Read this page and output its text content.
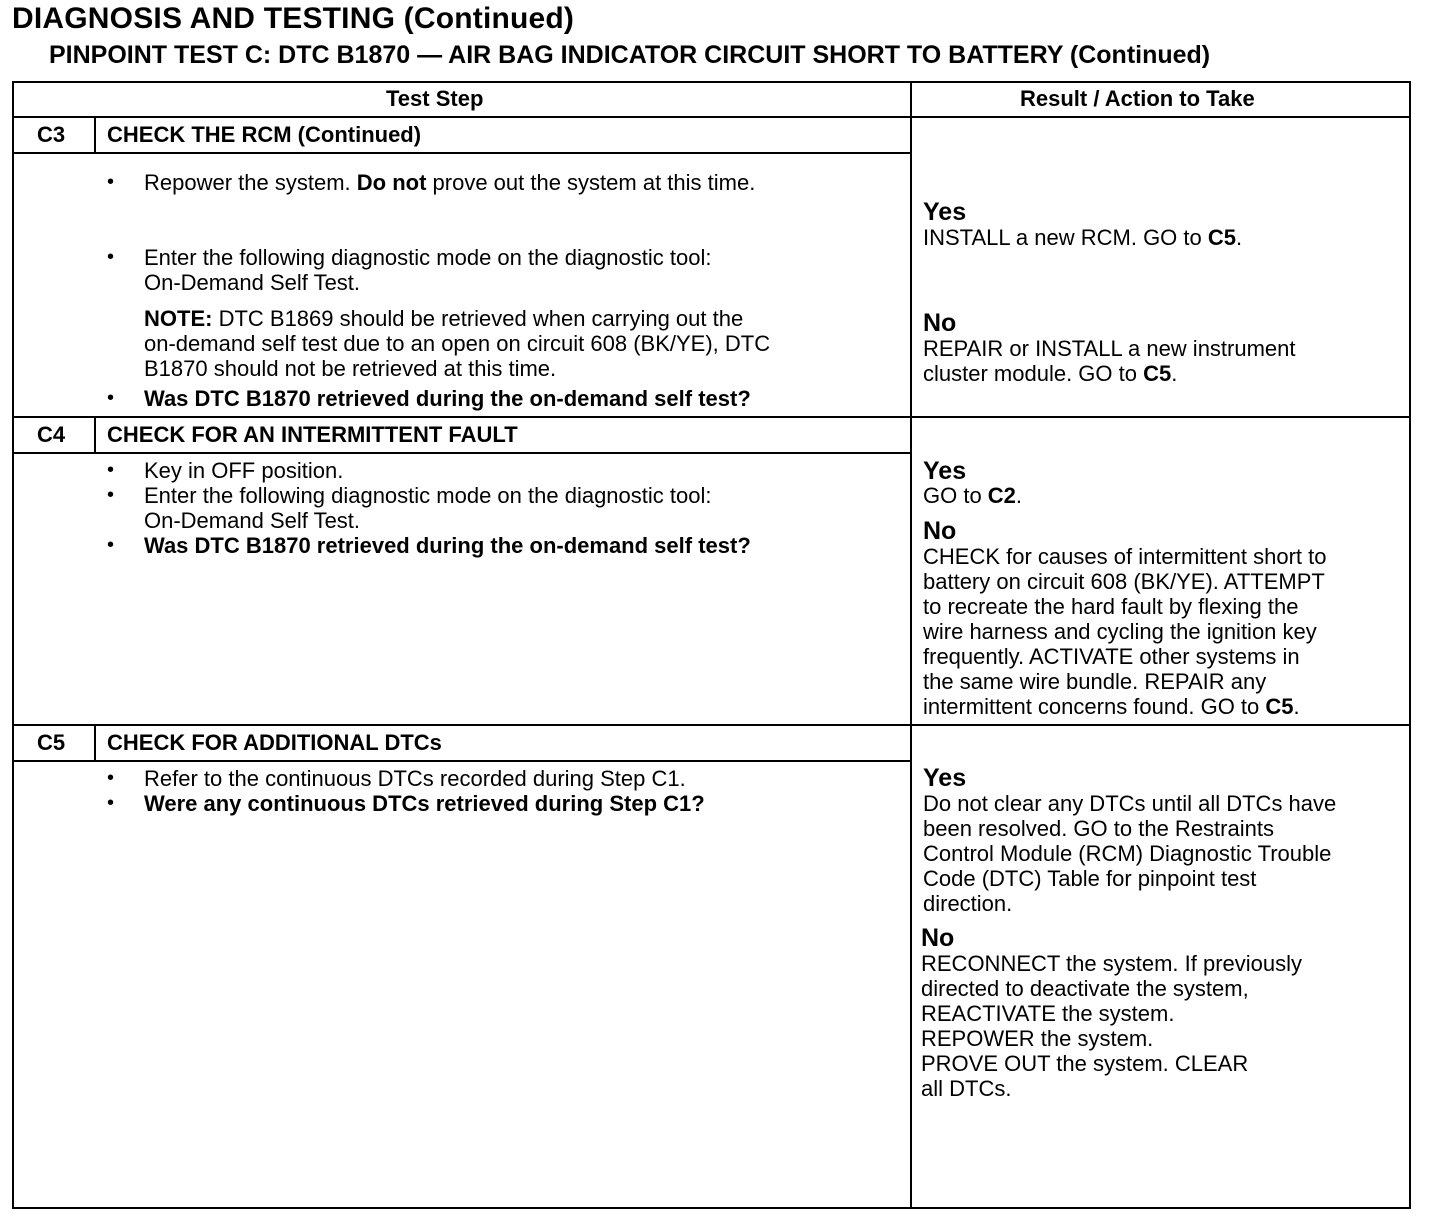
DIAGNOSIS AND TESTING (Continued)
PINPOINT TEST C: DTC B1870 — AIR BAG INDICATOR CIRCUIT SHORT TO BATTERY (Continued)
Test Step	Result / Action to Take
C3 CHECK THE RCM (Continued)
• Repower the system. Do not prove out the system at this time.
• Enter the following diagnostic mode on the diagnostic tool:
On-Demand Self Test.
NOTE: DTC B1869 should be retrieved when carrying out the
on-demand self test due to an open on circuit 608 (BK/YE), DTC
B1870 should not be retrieved at this time.
• Was DTC B1870 retrieved during the on-demand self test?
Yes
INSTALL a new RCM. GO to C5.
No
REPAIR or INSTALL a new instrument
cluster module. GO to C5.
C4 CHECK FOR AN INTERMITTENT FAULT
• Key in OFF position.
• Enter the following diagnostic mode on the diagnostic tool:
On-Demand Self Test.
• Was DTC B1870 retrieved during the on-demand self test?
Yes
GO to C2.
No
CHECK for causes of intermittent short to
battery on circuit 608 (BK/YE). ATTEMPT
to recreate the hard fault by flexing the
wire harness and cycling the ignition key
frequently. ACTIVATE other systems in
the same wire bundle. REPAIR any
intermittent concerns found. GO to C5.
C5 CHECK FOR ADDITIONAL DTCs
• Refer to the continuous DTCs recorded during Step C1.
• Were any continuous DTCs retrieved during Step C1?
Yes
Do not clear any DTCs until all DTCs have
been resolved. GO to the Restraints
Control Module (RCM) Diagnostic Trouble
Code (DTC) Table for pinpoint test
direction.
No
RECONNECT the system. If previously
directed to deactivate the system,
REACTIVATE the system.
REPOWER the system.
PROVE OUT the system. CLEAR
all DTCs.
